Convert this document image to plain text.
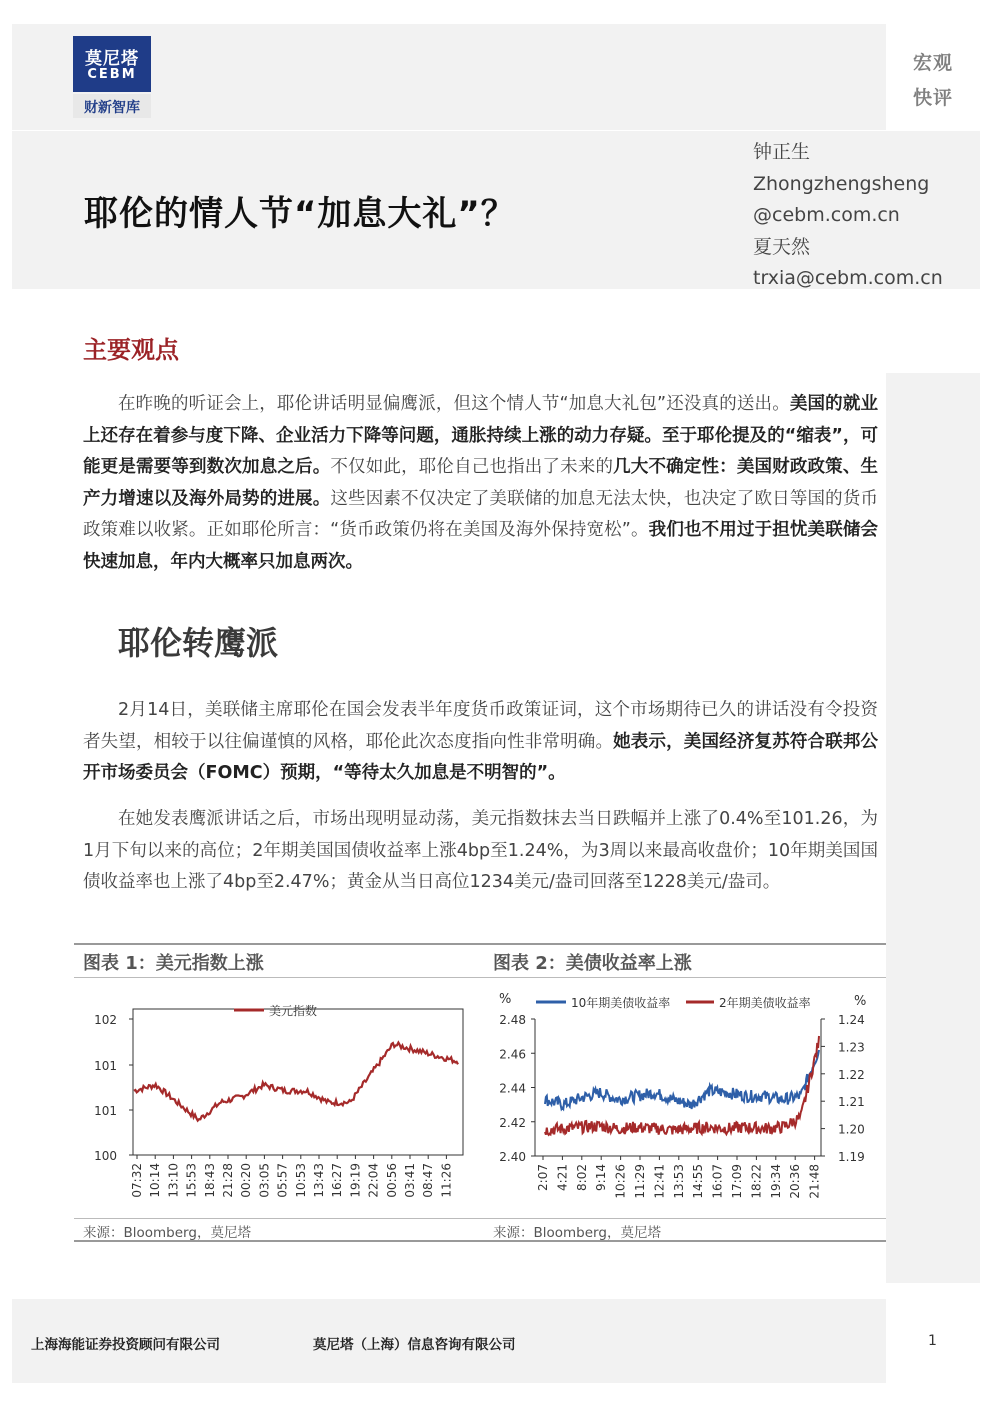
莫尼塔
CEBM
财新智库
宏观
快评
耶伦的情人节“加息大礼”？
钟正生
Zhongzhengsheng
@cebm.com.cn
夏天然
trxia@cebm.com.cn
主要观点
在昨晚的听证会上，耶伦讲话明显偏鹰派，但这个情人节“加息大礼包”还没真的送出。美国的就业上还存在着参与度下降、企业活力下降等问题，通胀持续上涨的动力存疑。至于耶伦提及的“缩表”，可能更是需要等到数次加息之后。不仅如此，耶伦自己也指出了未来的几大不确定性：美国财政政策、生产力增速以及海外局势的进展。这些因素不仅决定了美联储的加息无法太快，也决定了欧日等国的货币政策难以收紧。正如耶伦所言：“货币政策仍将在美国及海外保持宽松”。我们也不用过于担忧美联储会快速加息，年内大概率只加息两次。
耶伦转鹰派
2月14日，美联储主席耶伦在国会发表半年度货币政策证词，这个市场期待已久的讲话没有令投资者失望，相较于以往偏谨慎的风格，耶伦此次态度指向性非常明确。她表示，美国经济复苏符合联邦公开市场委员会（FOMC）预期，“等待太久加息是不明智的”。
在她发表鹰派讲话之后，市场出现明显动荡，美元指数抹去当日跌幅并上涨了0.4%至101.26，为1月下旬以来的高位；2年期美国国债收益率上涨4bp至1.24%，为3周以来最高收盘价；10年期美国国债收益率也上涨了4bp至2.47%；黄金从当日高位1234美元/盎司回落至1228美元/盎司。
图表 1：美元指数上涨	图表 2：美债收益率上涨
102
101
101
100
07:32 10:14 13:10 15:53 18:43 21:28 00:20 03:05 05:57 10:53 13:43 16:27 19:19 22:04 00:56 03:41 08:47 11:26
美元指数
2.48
2.46
2.44
2.42
2.40
1.24
1.23
1.22
1.21
1.20
1.19
2:07 4:21 8:02 9:14 10:26 11:29 12:41 13:53 14:55 16:07 17:09 18:22 19:34 20:36 21:48
%	%
10年期美债收益率	2年期美债收益率
来源：Bloomberg，莫尼塔	来源：Bloomberg，莫尼塔
上海海能证券投资顾问有限公司	莫尼塔（上海）信息咨询有限公司	1
